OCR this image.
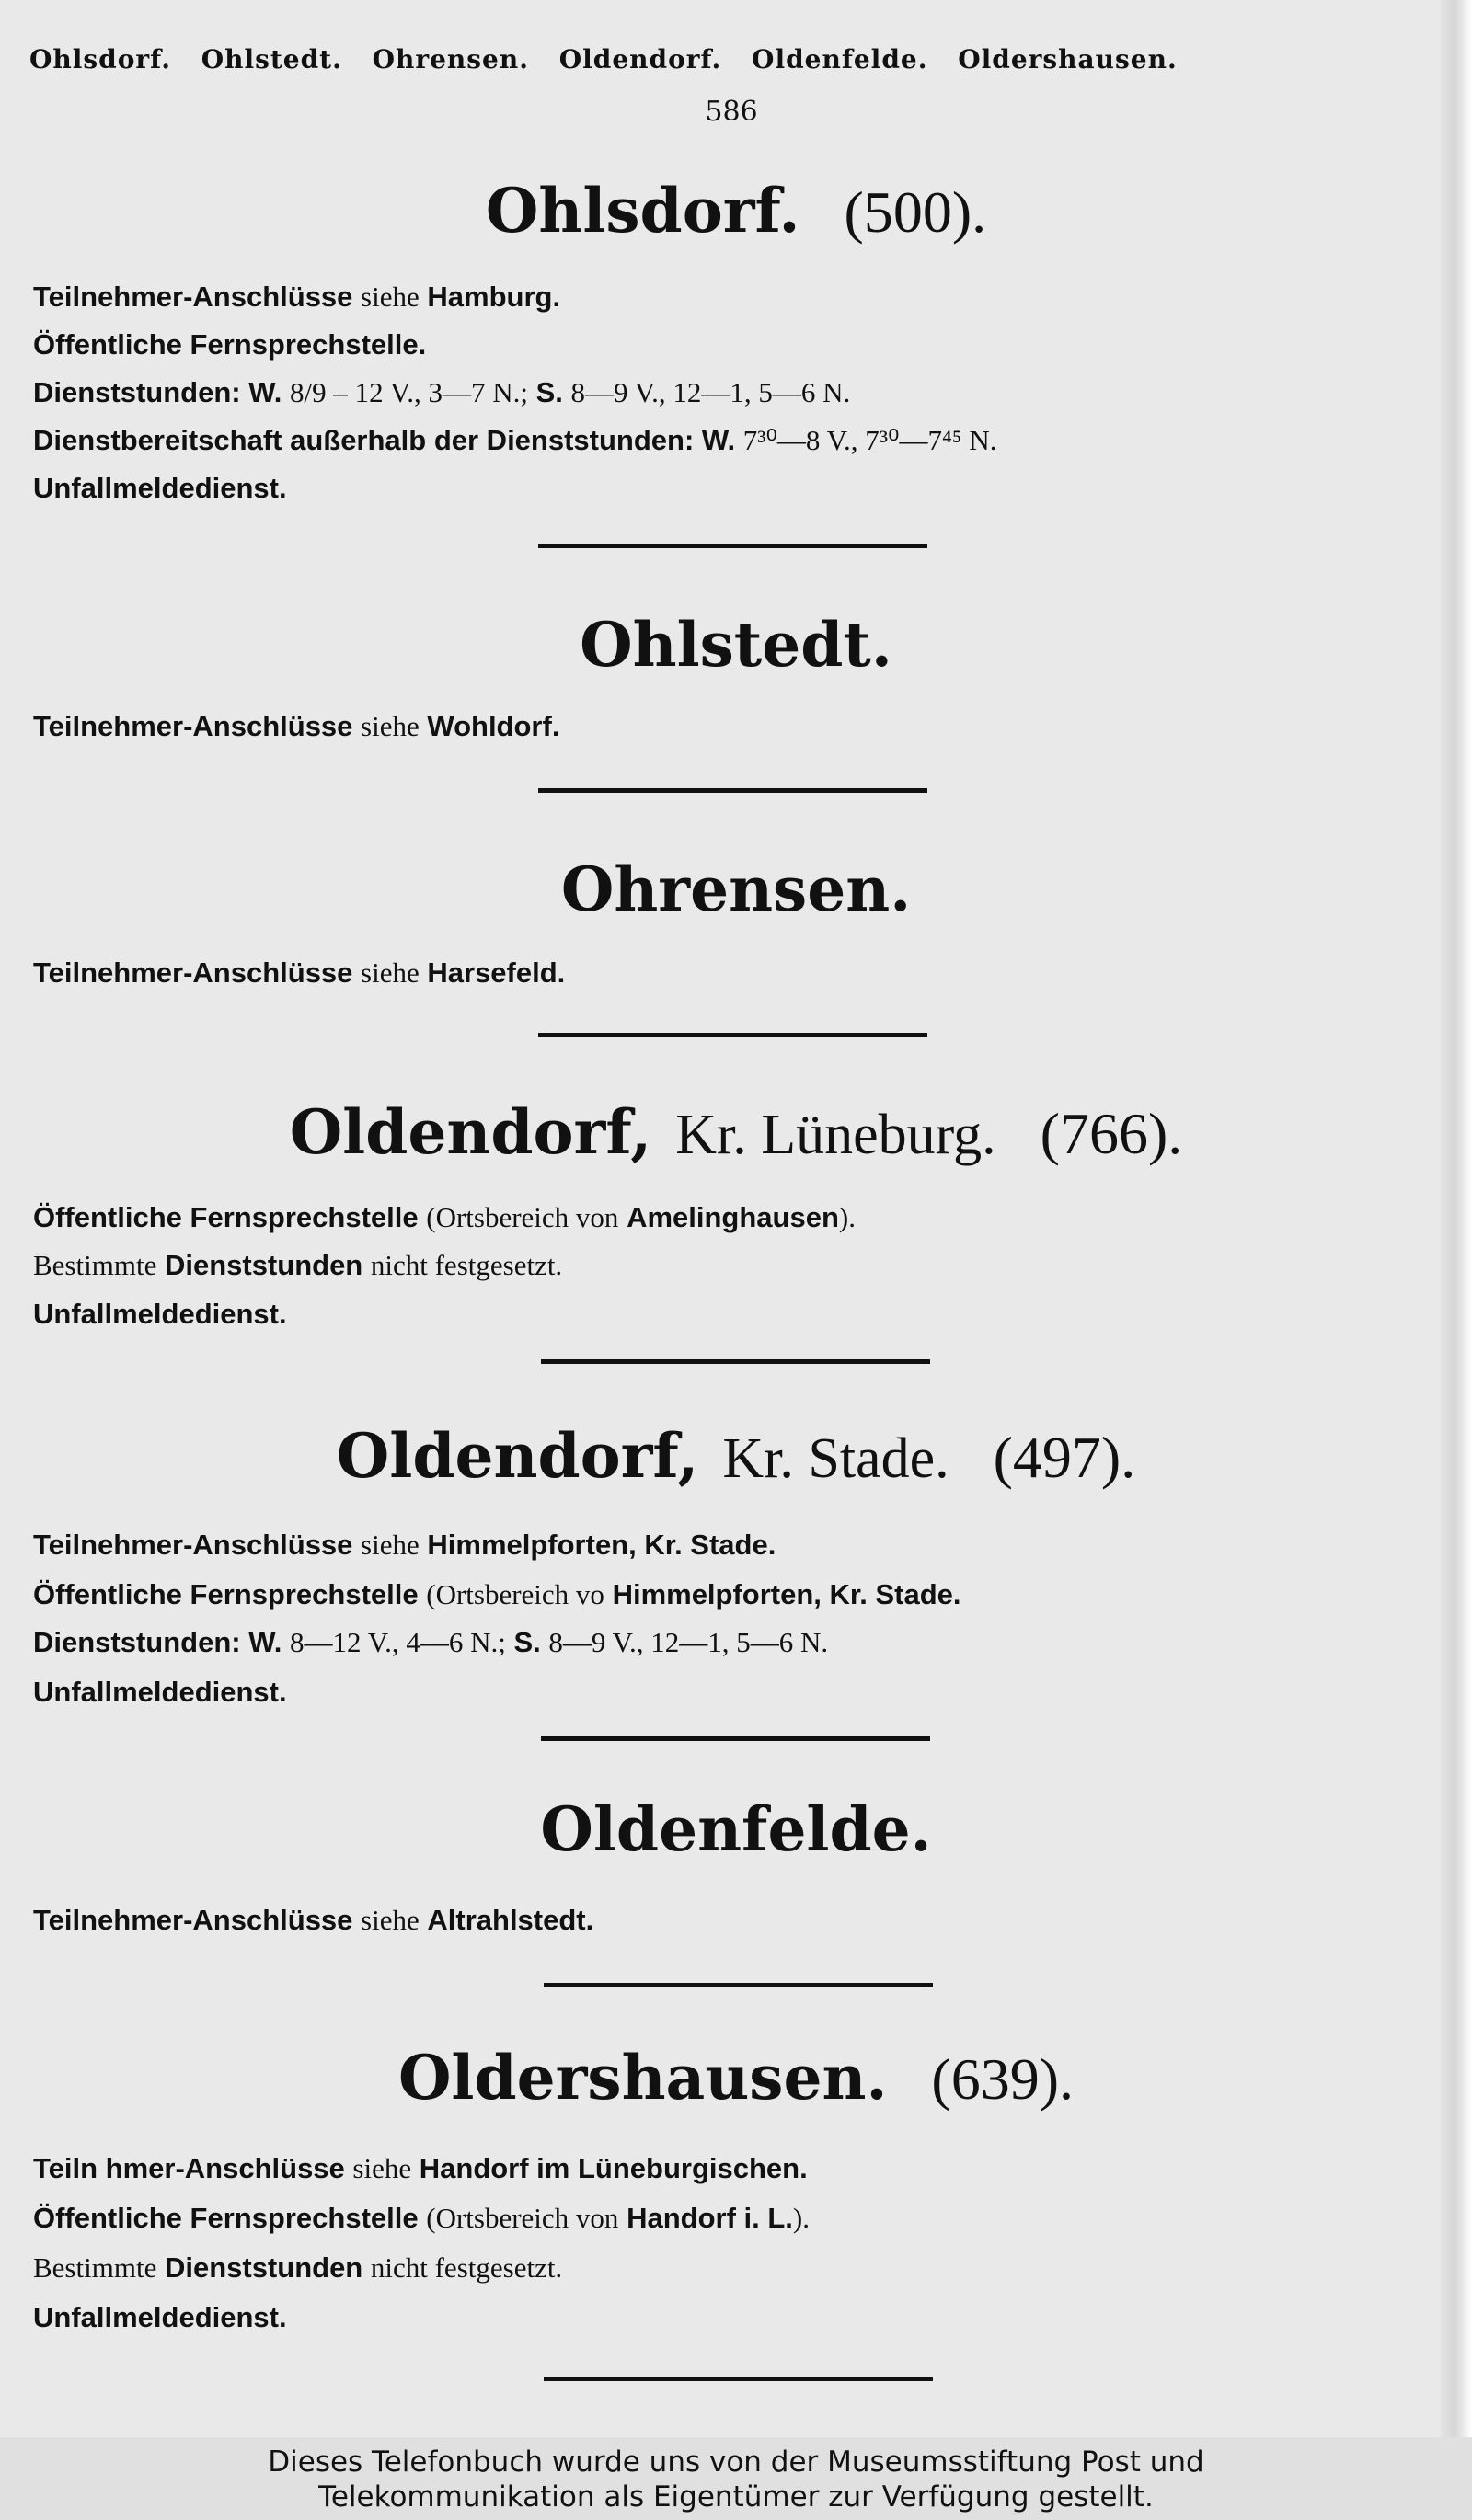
Ohlsdorf. Ohlstedt. Ohrensen. Oldendorf. Oldenfelde. Oldershausen.
586
Ohlsdorf. (500).
Teilnehmer-Anschlüsse siehe Hamburg.
Öffentliche Fernsprechstelle.
Dienststunden: W. 8/9 – 12 V., 3—7 N.; S. 8—9 V., 12—1, 5—6 N.
Dienstbereitschaft außerhalb der Dienststunden: W. 7³⁰—8 V., 7³⁰—7⁴⁵ N.
Unfallmeldedienst.
Ohlstedt.
Teilnehmer-Anschlüsse siehe Wohldorf.
Ohrensen.
Teilnehmer-Anschlüsse siehe Harsefeld.
Oldendorf, Kr. Lüneburg. (766).
Öffentliche Fernsprechstelle (Ortsbereich von Amelinghausen).
Bestimmte Dienststunden nicht festgesetzt.
Unfallmeldedienst.
Oldendorf, Kr. Stade. (497).
Teilnehmer-Anschlüsse siehe Himmelpforten, Kr. Stade.
Öffentliche Fernsprechstelle (Ortsbereich vo Himmelpforten, Kr. Stade.
Dienststunden: W. 8—12 V., 4—6 N.; S. 8—9 V., 12—1, 5—6 N.
Unfallmeldedienst.
Oldenfelde.
Teilnehmer-Anschlüsse siehe Altrahlstedt.
Oldershausen. (639).
Teiln hmer-Anschlüsse siehe Handorf im Lüneburgischen.
Öffentliche Fernsprechstelle (Ortsbereich von Handorf i. L.).
Bestimmte Dienststunden nicht festgesetzt.
Unfallmeldedienst.
Dieses Telefonbuch wurde uns von der Museumsstiftung Post und
Telekommunikation als Eigentümer zur Verfügung gestellt.
